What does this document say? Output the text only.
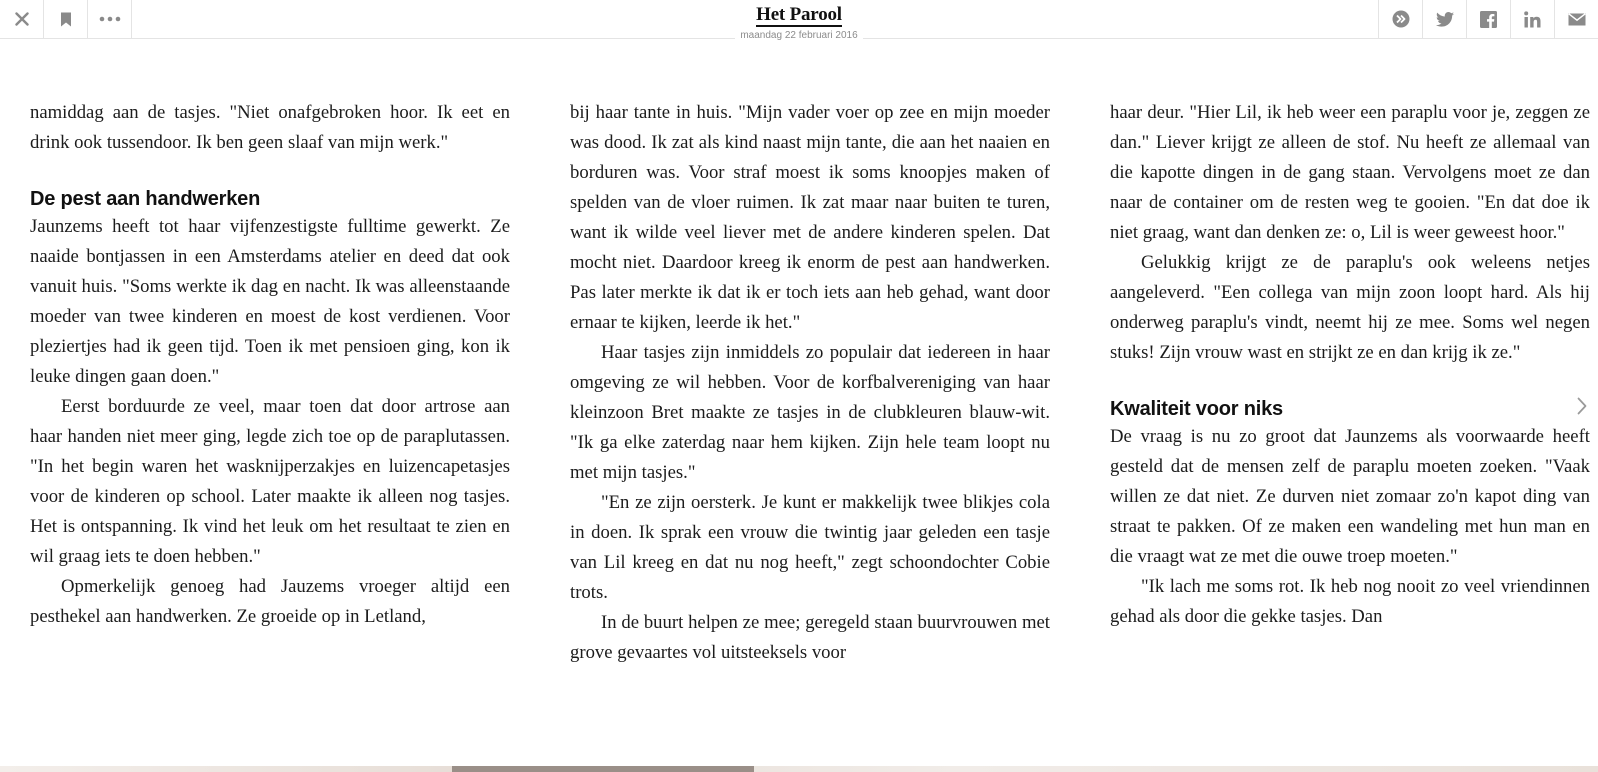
Het Parool
maandag 22 februari 2016

namiddag aan de tasjes. "Niet onafgebroken hoor. Ik eet en drink ook tussendoor. Ik ben geen slaaf van mijn werk."

De pest aan handwerken

Jaunzems heeft tot haar vijfenzestigste fulltime gewerkt. Ze naaide bontjassen in een Amsterdams atelier en deed dat ook vanuit huis. "Soms werkte ik dag en nacht. Ik was alleenstaande moeder van twee kinderen en moest de kost verdienen. Voor pleziertjes had ik geen tijd. Toen ik met pensioen ging, kon ik leuke dingen gaan doen."

Eerst borduurde ze veel, maar toen dat door artrose aan haar handen niet meer ging, legde zich toe op de paraplutassen. "In het begin waren het wasknijperzakjes en luizencapetasjes voor de kinderen op school. Later maakte ik alleen nog tasjes. Het is ontspanning. Ik vind het leuk om het resultaat te zien en wil graag iets te doen hebben."

Opmerkelijk genoeg had Jauzems vroeger altijd een pesthekel aan handwerken. Ze groeide op in Letland,

bij haar tante in huis. "Mijn vader voer op zee en mijn moeder was dood. Ik zat als kind naast mijn tante, die aan het naaien en borduren was. Voor straf moest ik soms knoopjes maken of spelden van de vloer ruimen. Ik zat maar naar buiten te turen, want ik wilde veel liever met de andere kinderen spelen. Dat mocht niet. Daardoor kreeg ik enorm de pest aan handwerken. Pas later merkte ik dat ik er toch iets aan heb gehad, want door ernaar te kijken, leerde ik het."

Haar tasjes zijn inmiddels zo populair dat iedereen in haar omgeving ze wil hebben. Voor de korfbalvereniging van haar kleinzoon Bret maakte ze tasjes in de clubkleuren blauw-wit. "Ik ga elke zaterdag naar hem kijken. Zijn hele team loopt nu met mijn tasjes."

"En ze zijn oersterk. Je kunt er makkelijk twee blikjes cola in doen. Ik sprak een vrouw die twintig jaar geleden een tasje van Lil kreeg en dat nu nog heeft," zegt schoondochter Cobie trots.

In de buurt helpen ze mee; geregeld staan buurvrouwen met grove gevaartes vol uitsteeksels voor

haar deur. "Hier Lil, ik heb weer een paraplu voor je, zeggen ze dan." Liever krijgt ze alleen de stof. Nu heeft ze allemaal van die kapotte dingen in de gang staan. Vervolgens moet ze dan naar de container om de resten weg te gooien. "En dat doe ik niet graag, want dan denken ze: o, Lil is weer geweest hoor."

Gelukkig krijgt ze de paraplu's ook weleens netjes aangeleverd. "Een collega van mijn zoon loopt hard. Als hij onderweg paraplu's vindt, neemt hij ze mee. Soms wel negen stuks! Zijn vrouw wast en strijkt ze en dan krijg ik ze."

Kwaliteit voor niks

De vraag is nu zo groot dat Jaunzems als voorwaarde heeft gesteld dat de mensen zelf de paraplu moeten zoeken. "Vaak willen ze dat niet. Ze durven niet zomaar zo'n kapot ding van straat te pakken. Of ze maken een wandeling met hun man en die vraagt wat ze met die ouwe troep moeten."

"Ik lach me soms rot. Ik heb nog nooit zo veel vriendinnen gehad als door die gekke tasjes. Dan
